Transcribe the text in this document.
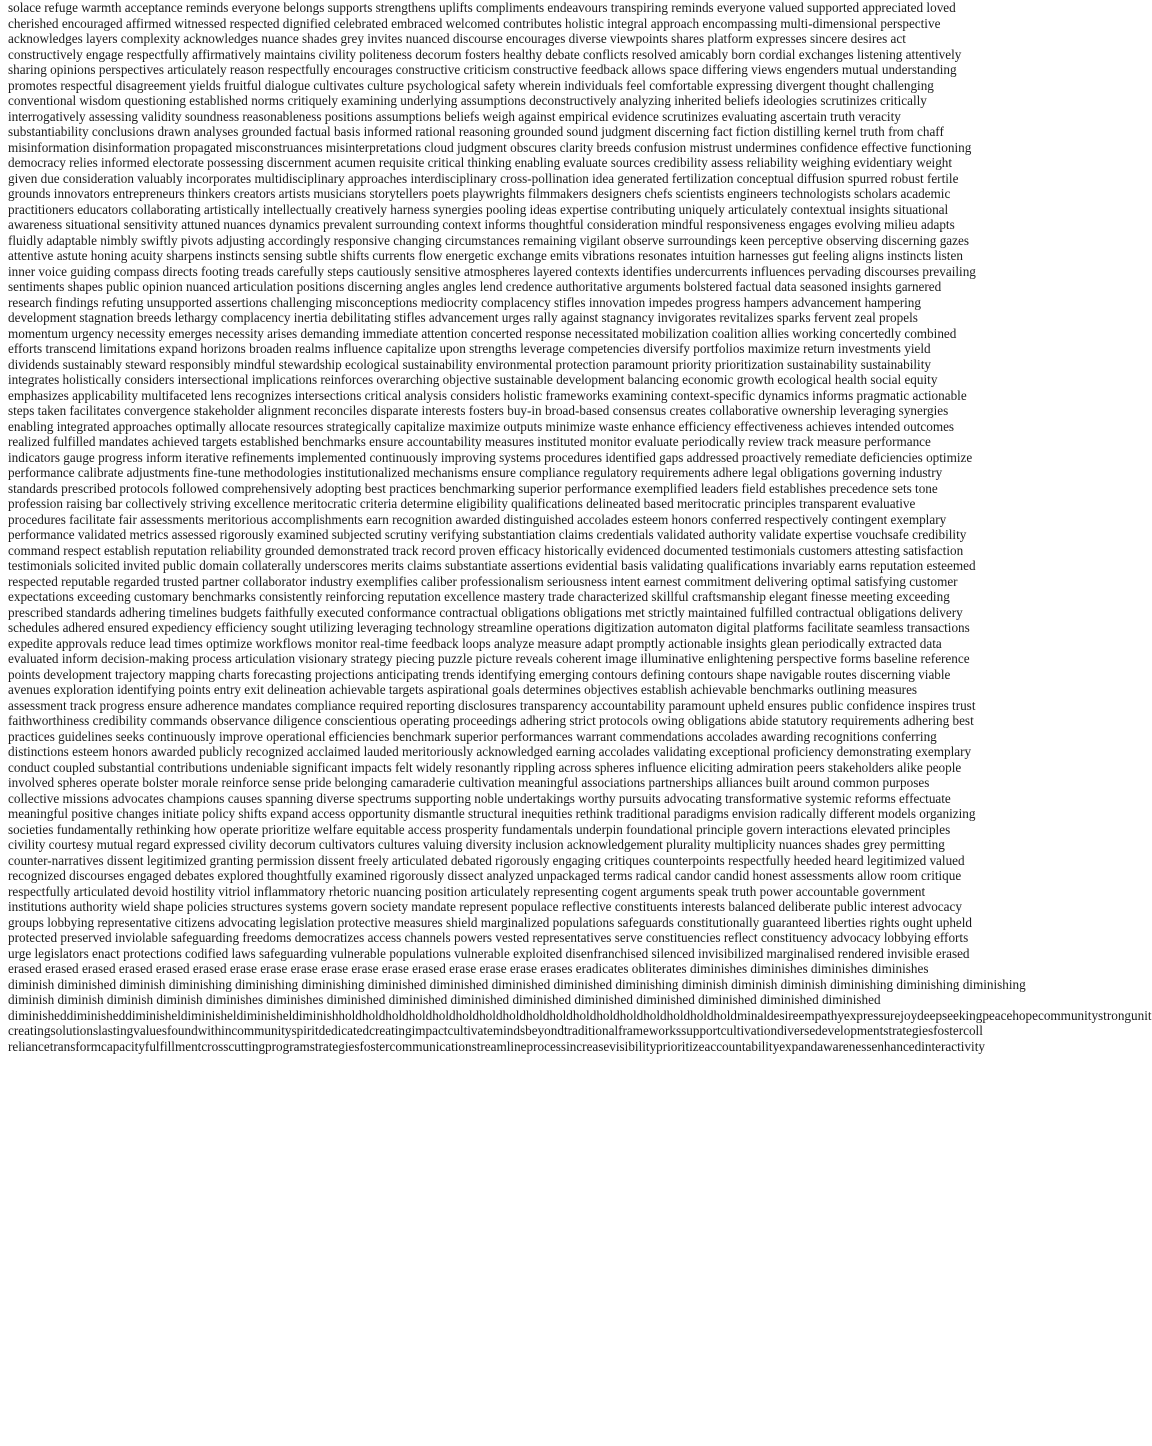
solace refuge warmth acceptance reminds everyone belongs supports strengthens uplifts compliments endeavours transpiring reminds everyone valued supported appreciated loved
cherished encouraged affirmed witnessed respected dignified celebrated embraced welcomed contributes holistic integral approach encompassing multi-dimensional perspective
acknowledges layers complexity acknowledges nuance shades grey invites nuanced discourse encourages diverse viewpoints shares platform expresses sincere desires act
constructively engage respectfully affirmatively maintains civility politeness decorum fosters healthy debate conflicts resolved amicably born cordial exchanges listening attentively
sharing opinions perspectives articulately reason respectfully encourages constructive criticism constructive feedback allows space differing views engenders mutual understanding
promotes respectful disagreement yields fruitful dialogue cultivates culture psychological safety wherein individuals feel comfortable expressing divergent thought challenging
conventional wisdom questioning established norms critiquely examining underlying assumptions deconstructively analyzing inherited beliefs ideologies scrutinizes critically
interrogatively assessing validity soundness reasonableness positions assumptions beliefs weigh against empirical evidence scrutinizes evaluating ascertain truth veracity
substantiability conclusions drawn analyses grounded factual basis informed rational reasoning grounded sound judgment discerning fact fiction distilling kernel truth from chaff
misinformation disinformation propagated misconstruances misinterpretations cloud judgment obscures clarity breeds confusion mistrust undermines confidence effective functioning
democracy relies informed electorate possessing discernment acumen requisite critical thinking enabling evaluate sources credibility assess reliability weighing evidentiary weight
given due consideration valuably incorporates multidisciplinary approaches interdisciplinary cross-pollination idea generated fertilization conceptual diffusion spurred robust fertile
grounds innovators entrepreneurs thinkers creators artists musicians storytellers poets playwrights filmmakers designers chefs scientists engineers technologists scholars academic
practitioners educators collaborating artistically intellectually creatively harness synergies pooling ideas expertise contributing uniquely articulately contextual insights situational
awareness situational sensitivity attuned nuances dynamics prevalent surrounding context informs thoughtful consideration mindful responsiveness engages evolving milieu adapts
fluidly adaptable nimbly swiftly pivots adjusting accordingly responsive changing circumstances remaining vigilant observe surroundings keen perceptive observing discerning gazes
attentive astute honing acuity sharpens instincts sensing subtle shifts currents flow energetic exchange emits vibrations resonates intuition harnesses gut feeling aligns instincts listen
inner voice guiding compass directs footing treads carefully steps cautiously sensitive atmospheres layered contexts identifies undercurrents influences pervading discourses prevailing
sentiments shapes public opinion nuanced articulation positions discerning angles angles lend credence authoritative arguments bolstered factual data seasoned insights garnered
research findings refuting unsupported assertions challenging misconceptions mediocrity complacency stifles innovation impedes progress hampers advancement hampering
development stagnation breeds lethargy complacency inertia debilitating stifles advancement urges rally against stagnancy invigorates revitalizes sparks fervent zeal propels
momentum urgency necessity emerges necessity arises demanding immediate attention concerted response necessitated mobilization coalition allies working concertedly combined
efforts transcend limitations expand horizons broaden realms influence capitalize upon strengths leverage competencies diversify portfolios maximize return investments yield
dividends sustainably steward responsibly mindful stewardship ecological sustainability environmental protection paramount priority prioritization sustainability sustainability
integrates holistically considers intersectional implications reinforces overarching objective sustainable development balancing economic growth ecological health social equity
emphasizes applicability multifaceted lens recognizes intersections critical analysis considers holistic frameworks examining context-specific dynamics informs pragmatic actionable
steps taken facilitates convergence stakeholder alignment reconciles disparate interests fosters buy-in broad-based consensus creates collaborative ownership leveraging synergies
enabling integrated approaches optimally allocate resources strategically capitalize maximize outputs minimize waste enhance efficiency effectiveness achieves intended outcomes
realized fulfilled mandates achieved targets established benchmarks ensure accountability measures instituted monitor evaluate periodically review track measure performance
indicators gauge progress inform iterative refinements implemented continuously improving systems procedures identified gaps addressed proactively remediate deficiencies optimize
performance calibrate adjustments fine-tune methodologies institutionalized mechanisms ensure compliance regulatory requirements adhere legal obligations governing industry
standards prescribed protocols followed comprehensively adopting best practices benchmarking superior performance exemplified leaders field establishes precedence sets tone
profession raising bar collectively striving excellence meritocratic criteria determine eligibility qualifications delineated based meritocratic principles transparent evaluative
procedures facilitate fair assessments meritorious accomplishments earn recognition awarded distinguished accolades esteem honors conferred respectively contingent exemplary
performance validated metrics assessed rigorously examined subjected scrutiny verifying substantiation claims credentials validated authority validate expertise vouchsafe credibility
command respect establish reputation reliability grounded demonstrated track record proven efficacy historically evidenced documented testimonials customers attesting satisfaction
testimonials solicited invited public domain collaterally underscores merits claims substantiate assertions evidential basis validating qualifications invariably earns reputation esteemed
respected reputable regarded trusted partner collaborator industry exemplifies caliber professionalism seriousness intent earnest commitment delivering optimal satisfying customer
expectations exceeding customary benchmarks consistently reinforcing reputation excellence mastery trade characterized skillful craftsmanship elegant finesse meeting exceeding
prescribed standards adhering timelines budgets faithfully executed conformance contractual obligations obligations met strictly maintained fulfilled contractual obligations delivery
schedules adhered ensured expediency efficiency sought utilizing leveraging technology streamline operations digitization automaton digital platforms facilitate seamless transactions
expedite approvals reduce lead times optimize workflows monitor real-time feedback loops analyze measure adapt promptly actionable insights glean periodically extracted data
evaluated inform decision-making process articulation visionary strategy piecing puzzle picture reveals coherent image illuminative enlightening perspective forms baseline reference
points development trajectory mapping charts forecasting projections anticipating trends identifying emerging contours defining contours shape navigable routes discerning viable
avenues exploration identifying points entry exit delineation achievable targets aspirational goals determines objectives establish achievable benchmarks outlining measures
assessment track progress ensure adherence mandates compliance required reporting disclosures transparency accountability paramount upheld ensures public confidence inspires trust
faithworthiness credibility commands observance diligence conscientious operating proceedings adhering strict protocols owing obligations abide statutory requirements adhering best
practices guidelines seeks continuously improve operational efficiencies benchmark superior performances warrant commendations accolades awarding recognitions conferring
distinctions esteem honors awarded publicly recognized acclaimed lauded meritoriously acknowledged earning accolades validating exceptional proficiency demonstrating exemplary
conduct coupled substantial contributions undeniable significant impacts felt widely resonantly rippling across spheres influence eliciting admiration peers stakeholders alike people
involved spheres operate bolster morale reinforce sense pride belonging camaraderie cultivation meaningful associations partnerships alliances built around common purposes
collective missions advocates champions causes spanning diverse spectrums supporting noble undertakings worthy pursuits advocating transformative systemic reforms effectuate
meaningful positive changes initiate policy shifts expand access opportunity dismantle structural inequities rethink traditional paradigms envision radically different models organizing
societies fundamentally rethinking how operate prioritize welfare equitable access prosperity fundamentals underpin foundational principle govern interactions elevated principles
civility courtesy mutual regard expressed civility decorum cultivators cultures valuing diversity inclusion acknowledgement plurality multiplicity nuances shades grey permitting
counter-narratives dissent legitimized granting permission dissent freely articulated debated rigorously engaging critiques counterpoints respectfully heeded heard legitimized valued
recognized discourses engaged debates explored thoughtfully examined rigorously dissect analyzed unpackaged terms radical candor candid honest assessments allow room critique
respectfully articulated devoid hostility vitriol inflammatory rhetoric nuancing position articulately representing cogent arguments speak truth power accountable government
institutions authority wield shape policies structures systems govern society mandate represent populace reflective constituents interests balanced deliberate public interest advocacy
groups lobbying representative citizens advocating legislation protective measures shield marginalized populations safeguards constitutionally guaranteed liberties rights ought upheld
protected preserved inviolable safeguarding freedoms democratizes access channels powers vested representatives serve constituencies reflect constituency advocacy lobbying efforts
urge legislators enact protections codified laws safeguarding vulnerable populations vulnerable exploited disenfranchised silenced invisibilized marginalised rendered invisible erased
erased erased erased erased erased erased erase erase erase erase erase erase erased erase erase erase erases eradicates obliterates diminishes diminishes diminishes diminishes
diminish diminished diminish diminishing diminishing diminishing diminished diminished diminished diminished diminishing diminish diminish diminish diminishing diminishing diminishing
diminish diminish diminish diminish diminishes diminishes diminished diminished diminished diminished diminished diminished diminished diminished diminished
diminisheddiminisheddiminisheldiminisheldiminisheldiminishholdholdholdholdholdholdholdholdholdholdholdholdholdholdholdholdholdminaldesireempathyexpressurejoydeepseekingpeacehopecommunitystrongunit
creatingsolutionslastingvaluesfoundwithincommunityspiritdedicatedcreatingimpactcultivatemindsbeyondtraditionalframeworkssupportcultivationdiversedevelopmentstrategiesfostercoll
reliancetransformcapacityfulfillmentcrosscuttingprogramstrategiesfostercommunicationstreamlineprocessincreasevisibilityprioritizeaccountabilityexpandawarenessenhancedinteractivity
